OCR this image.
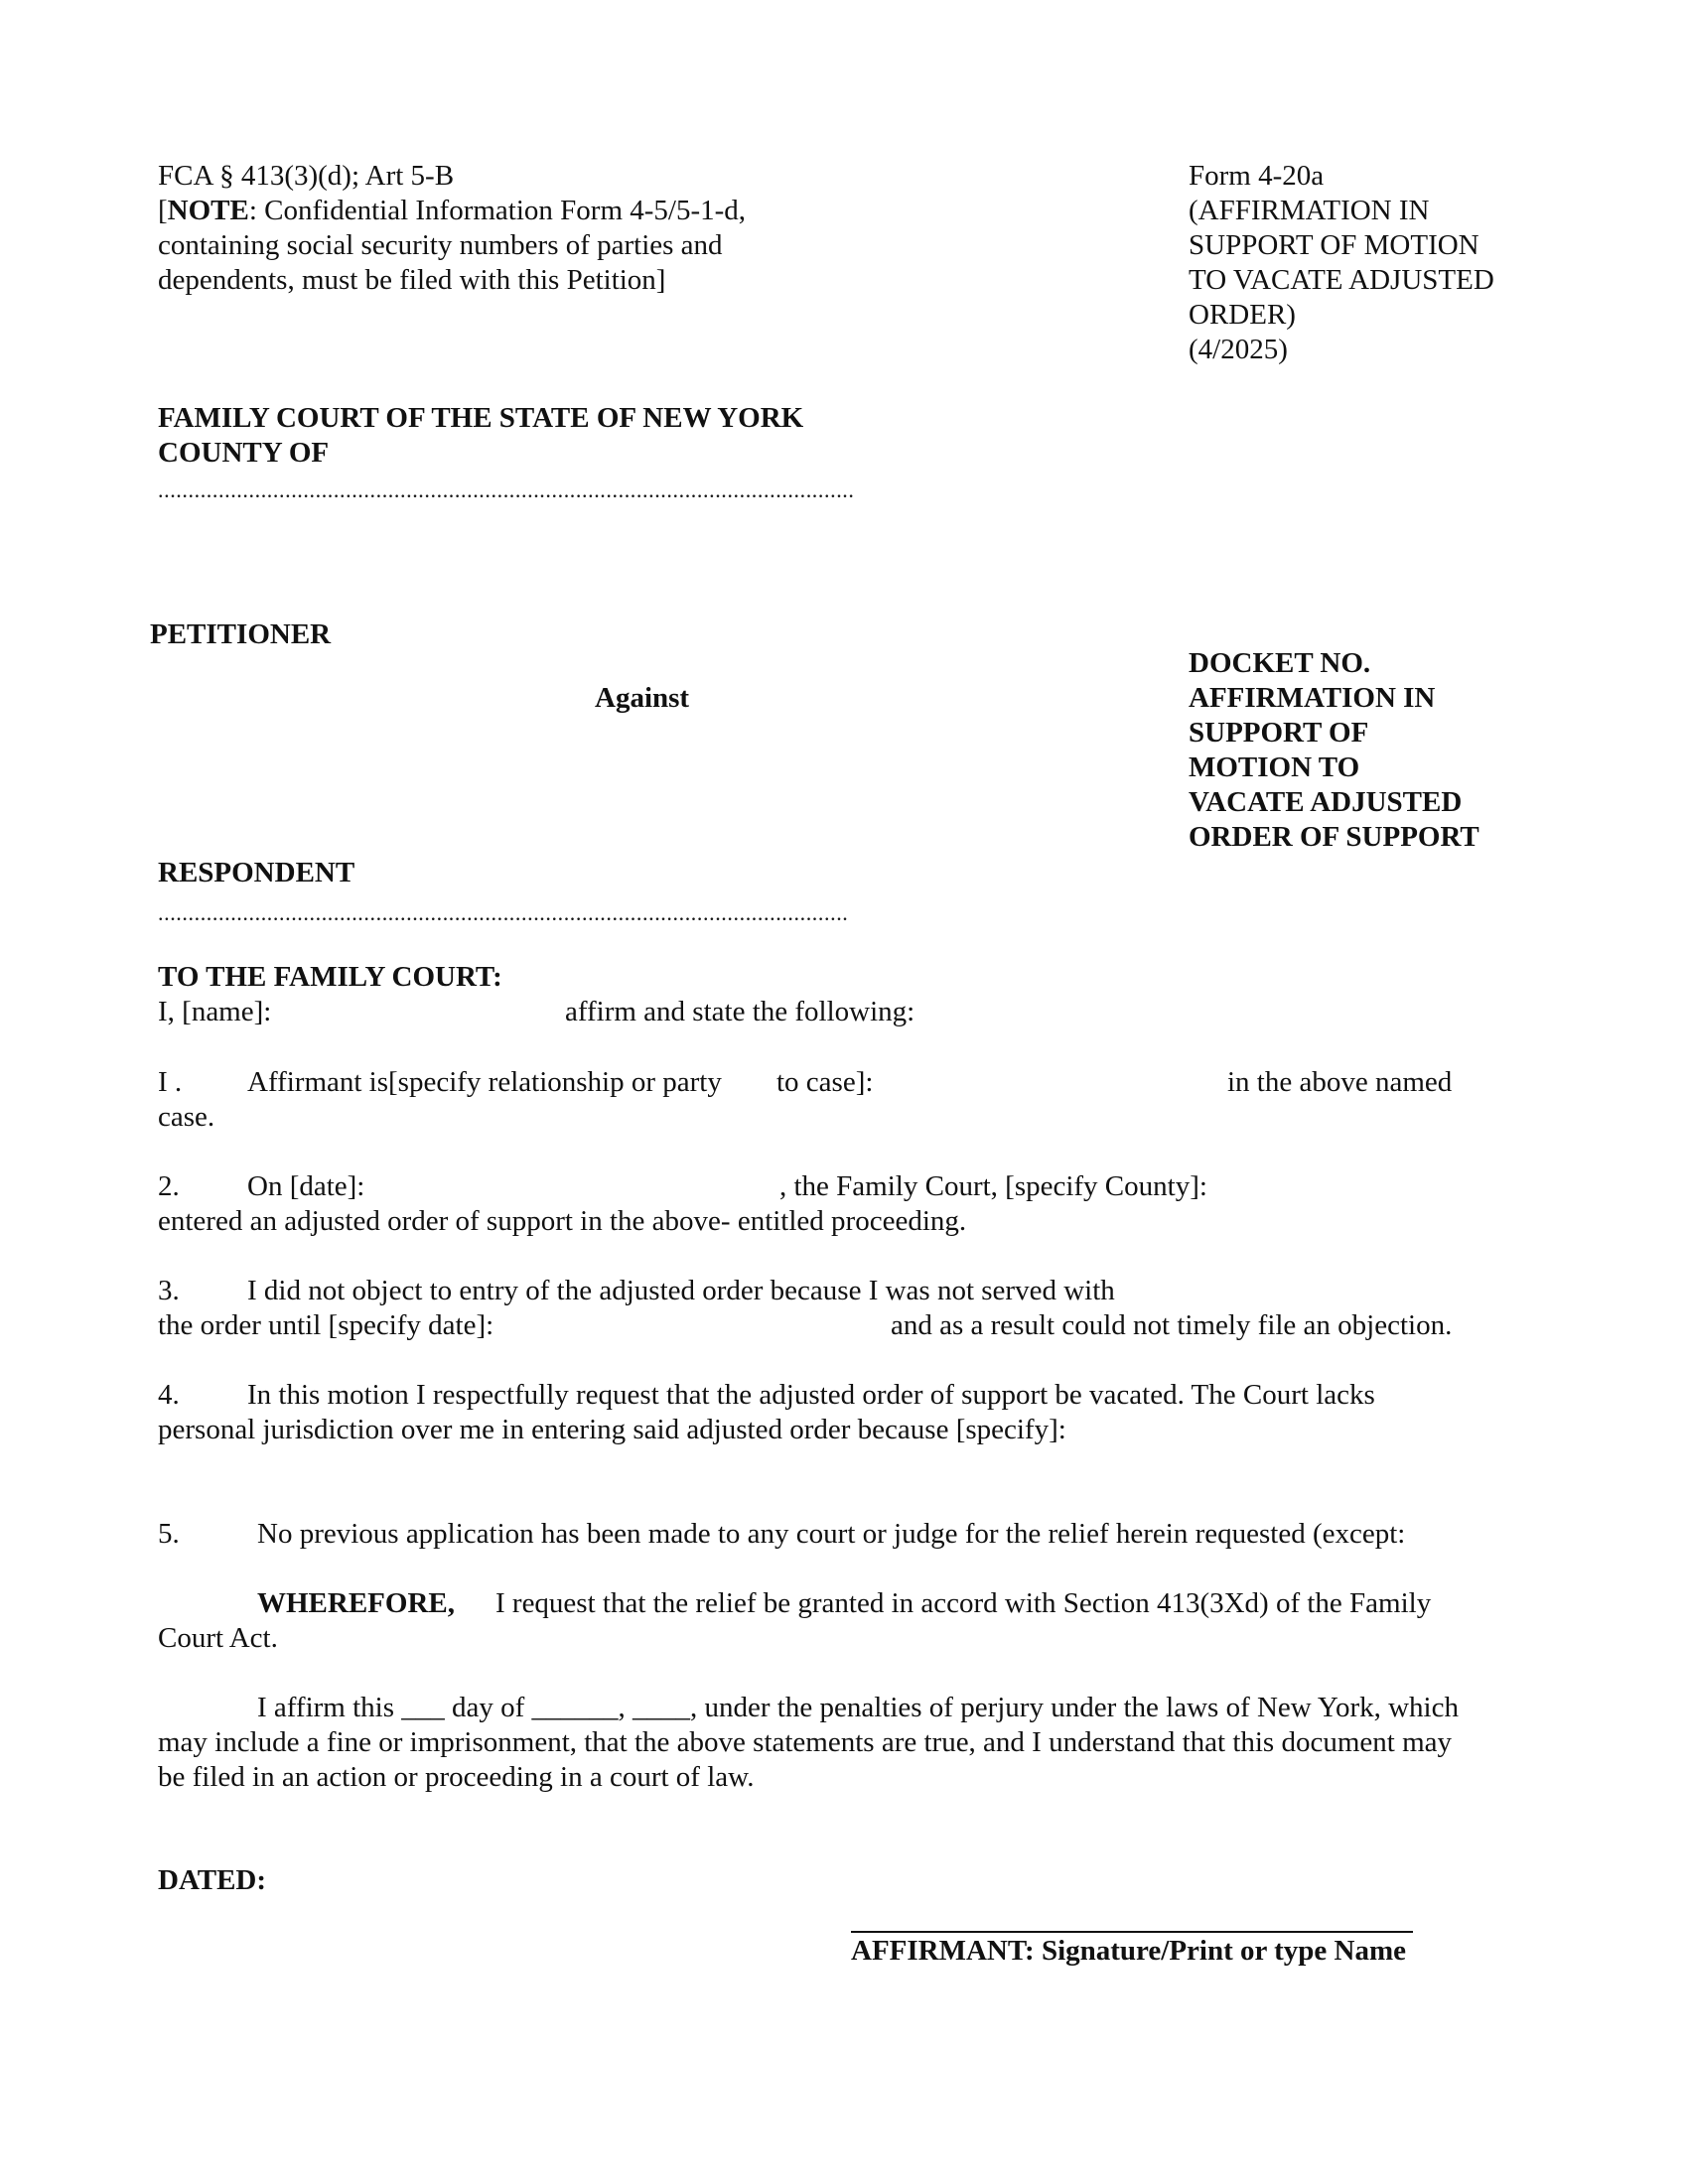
FCA § 413(3)(d); Art 5-B
[NOTE: Confidential Information Form 4-5/5-1-d,
containing social security numbers of parties and
dependents, must be filed with this Petition]
Form 4-20a
(AFFIRMATION IN
SUPPORT OF MOTION
TO VACATE ADJUSTED
ORDER)
(4/2025)
FAMILY COURT OF THE STATE OF NEW YORK
COUNTY OF
...................................................................................................................
PETITIONER
Against
RESPONDENT
..................................................................................................................
DOCKET NO.
AFFIRMATION IN
SUPPORT OF
MOTION TO
VACATE ADJUSTED
ORDER OF SUPPORT
TO THE FAMILY COURT:
I, [name]:	affirm and state the following:
I . Affirmant is[specify relationship or party to case]:	in the above named
case.
2. On [date]:	, the Family Court, [specify County]:
entered an adjusted order of support in the above- entitled proceeding.
3. I did not object to entry of the adjusted order because I was not served with
the order until [specify date]:	and as a result could not timely file an objection.
4. In this motion I respectfully request that the adjusted order of support be vacated. The Court lacks
personal jurisdiction over me in entering said adjusted order because [specify]:
5.	No previous application has been made to any court or judge for the relief herein requested (except:
WHEREFORE, I request that the relief be granted in accord with Section 413(3Xd) of the Family
Court Act.
I affirm this ___ day of ______, ____, under the penalties of perjury under the laws of New York, which
may include a fine or imprisonment, that the above statements are true, and I understand that this document may
be filed in an action or proceeding in a court of law.
DATED:
AFFIRMANT: Signature/Print or type Name
